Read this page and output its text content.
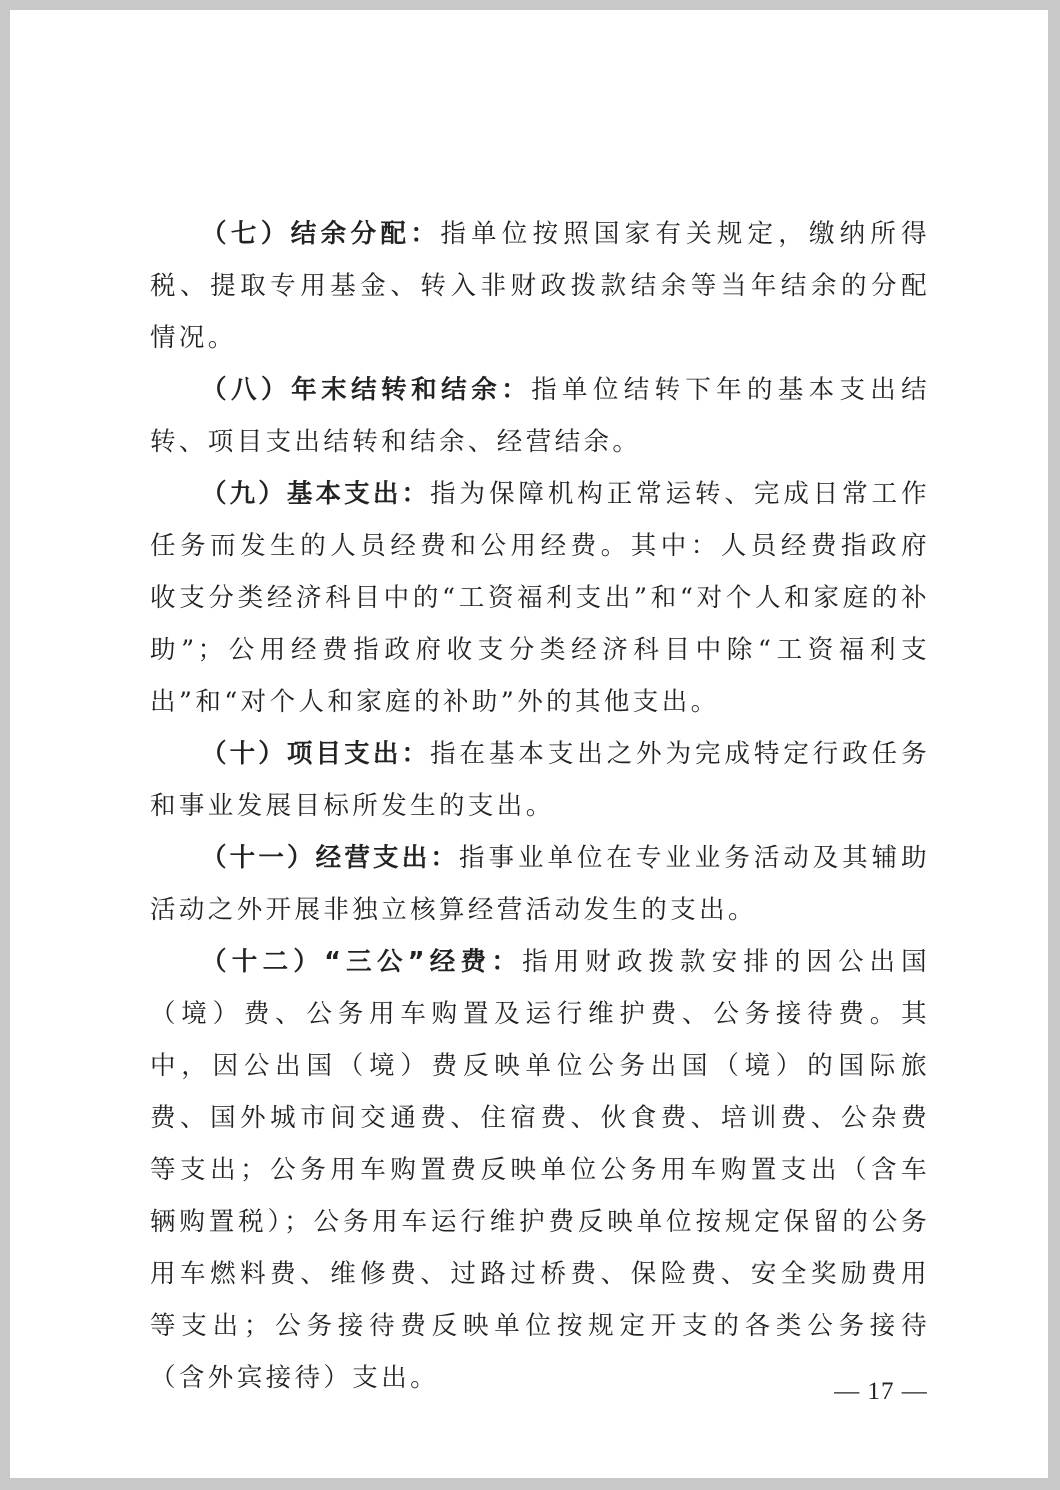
（七）结余分配：指单位按照国家有关规定，缴纳所得税、提取专用基金、转入非财政拨款结余等当年结余的分配情况。

（八）年末结转和结余：指单位结转下年的基本支出结转、项目支出结转和结余、经营结余。

（九）基本支出：指为保障机构正常运转、完成日常工作任务而发生的人员经费和公用经费。其中：人员经费指政府收支分类经济科目中的“工资福利支出”和“对个人和家庭的补助”；公用经费指政府收支分类经济科目中除“工资福利支出”和“对个人和家庭的补助”外的其他支出。

（十）项目支出：指在基本支出之外为完成特定行政任务和事业发展目标所发生的支出。

（十一）经营支出：指事业单位在专业业务活动及其辅助活动之外开展非独立核算经营活动发生的支出。

（十二）“三公”经费：指用财政拨款安排的因公出国（境）费、公务用车购置及运行维护费、公务接待费。其中，因公出国（境）费反映单位公务出国（境）的国际旅费、国外城市间交通费、住宿费、伙食费、培训费、公杂费等支出；公务用车购置费反映单位公务用车购置支出（含车辆购置税）；公务用车运行维护费反映单位按规定保留的公务用车燃料费、维修费、过路过桥费、保险费、安全奖励费用等支出；公务接待费反映单位按规定开支的各类公务接待（含外宾接待）支出。	— 17 —
